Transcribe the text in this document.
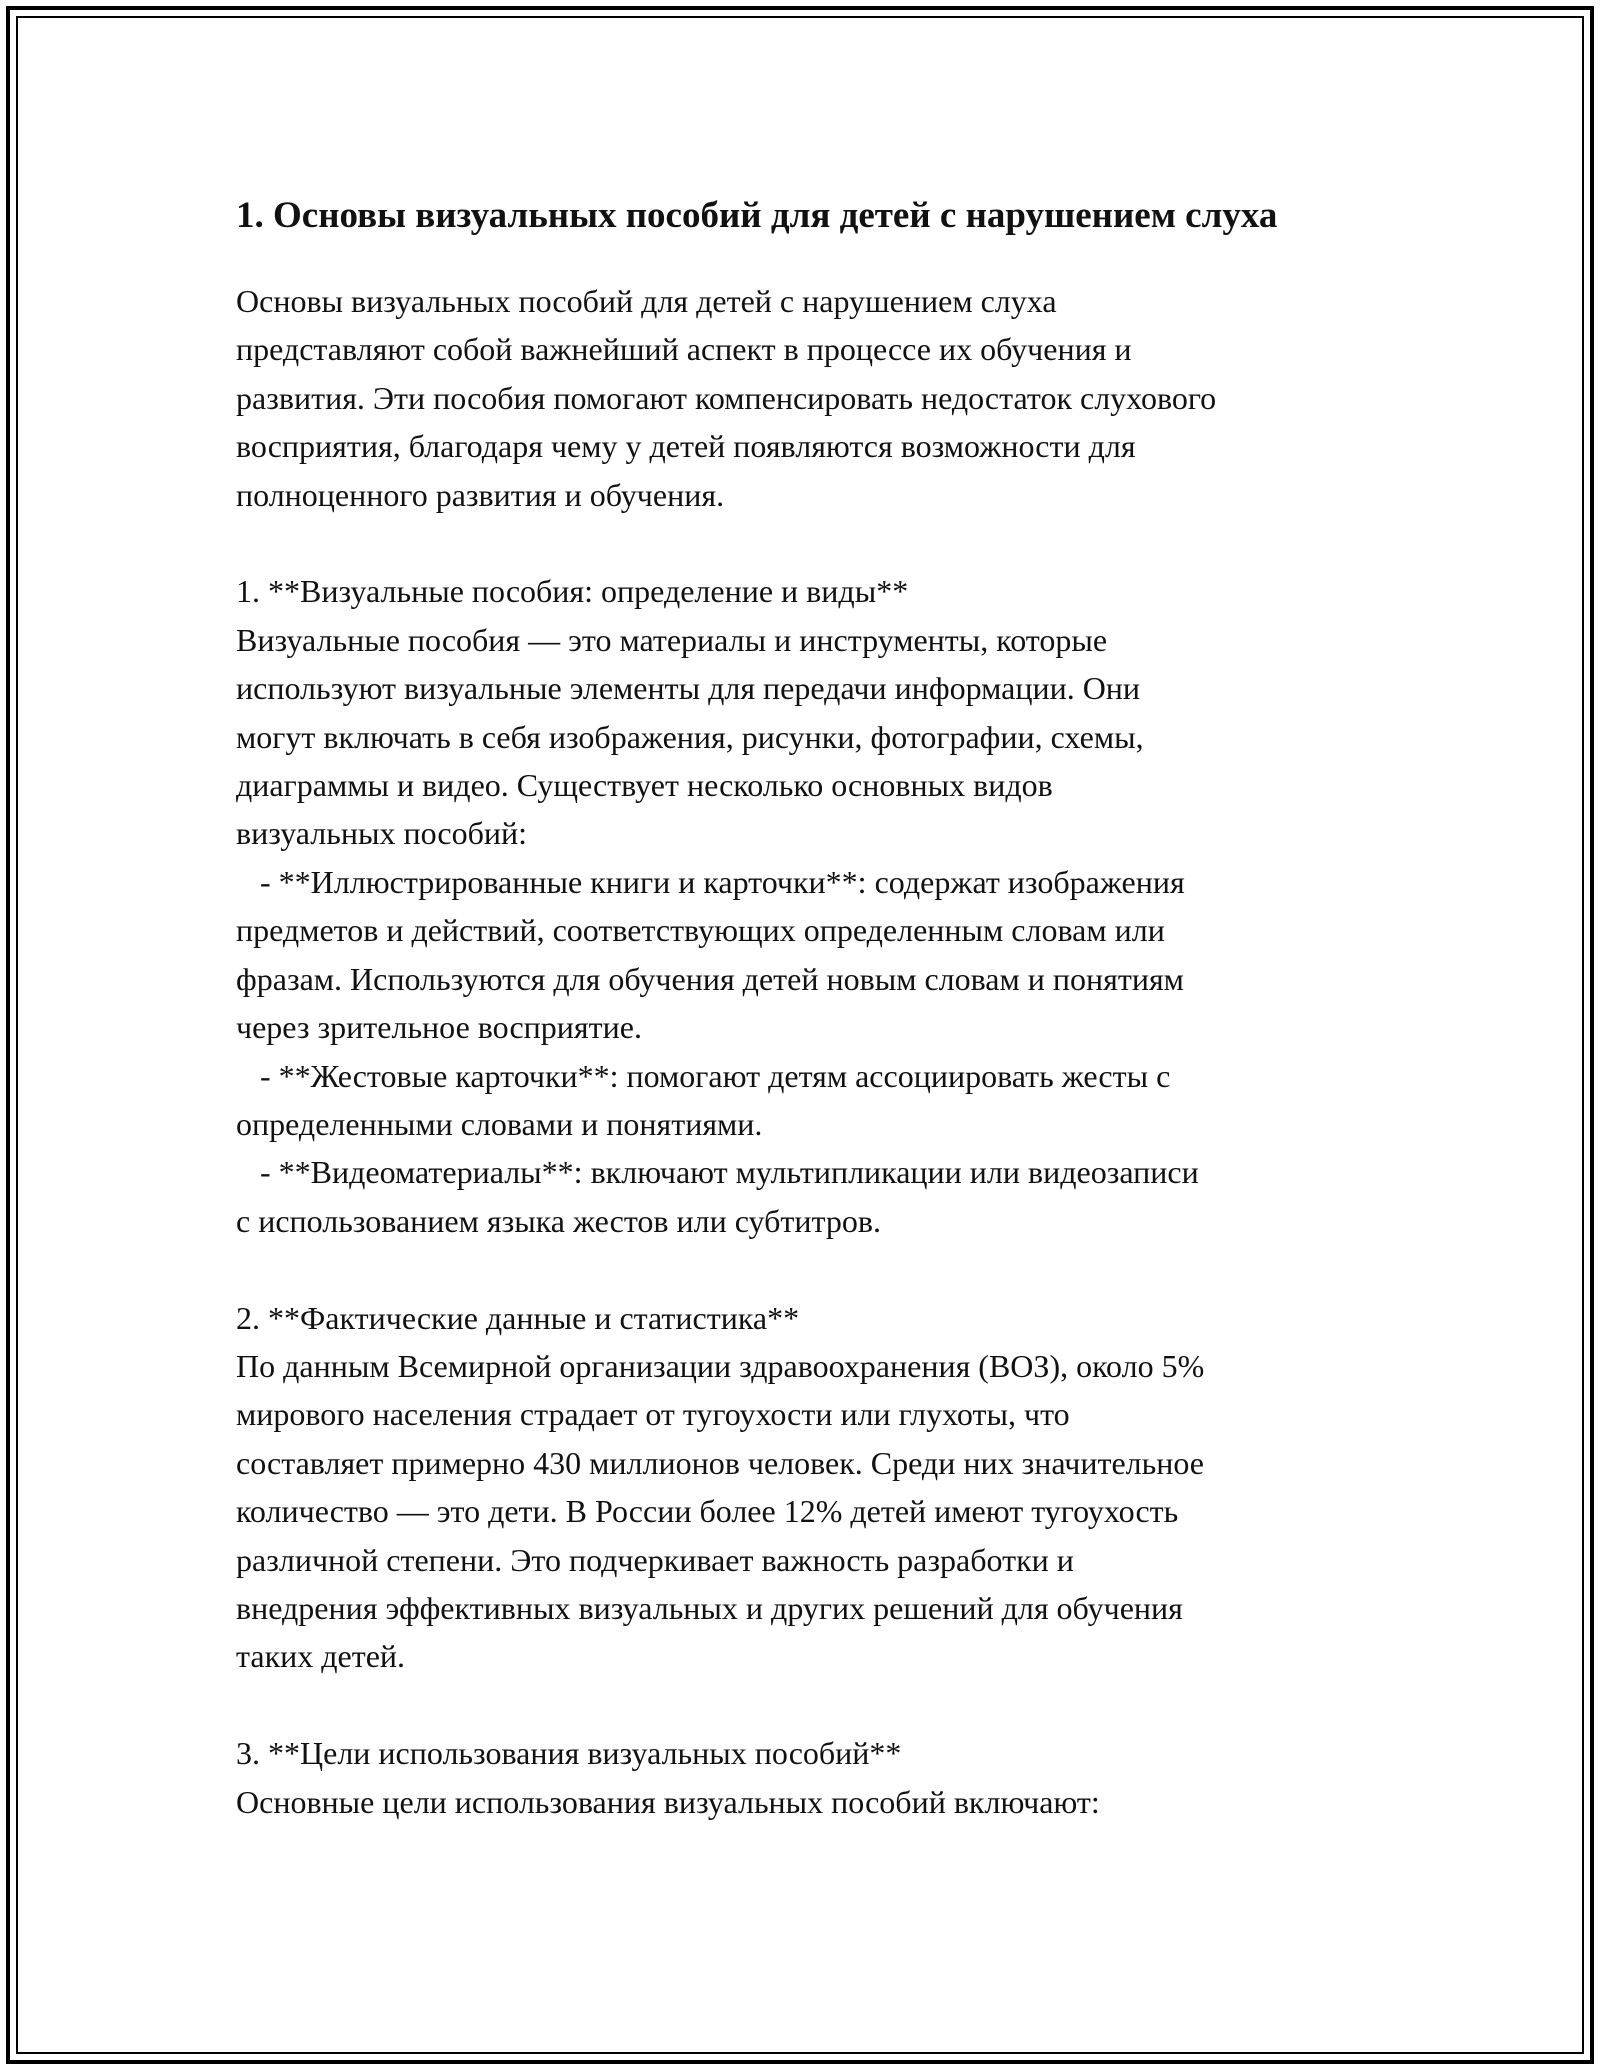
1. Основы визуальных пособий для детей с нарушением слуха

Основы визуальных пособий для детей с нарушением слуха
представляют собой важнейший аспект в процессе их обучения и
развития. Эти пособия помогают компенсировать недостаток слухового
восприятия, благодаря чему у детей появляются возможности для
полноценного развития и обучения.

1. **Визуальные пособия: определение и виды**
Визуальные пособия — это материалы и инструменты, которые
используют визуальные элементы для передачи информации. Они
могут включать в себя изображения, рисунки, фотографии, схемы,
диаграммы и видео. Существует несколько основных видов
визуальных пособий:
- **Иллюстрированные книги и карточки**: содержат изображения
предметов и действий, соответствующих определенным словам или
фразам. Используются для обучения детей новым словам и понятиям
через зрительное восприятие.
- **Жестовые карточки**: помогают детям ассоциировать жесты с
определенными словами и понятиями.
- **Видеоматериалы**: включают мультипликации или видеозаписи
с использованием языка жестов или субтитров.

2. **Фактические данные и статистика**
По данным Всемирной организации здравоохранения (ВОЗ), около 5%
мирового населения страдает от тугоухости или глухоты, что
составляет примерно 430 миллионов человек. Среди них значительное
количество — это дети. В России более 12% детей имеют тугоухость
различной степени. Это подчеркивает важность разработки и
внедрения эффективных визуальных и других решений для обучения
таких детей.

3. **Цели использования визуальных пособий**
Основные цели использования визуальных пособий включают:
